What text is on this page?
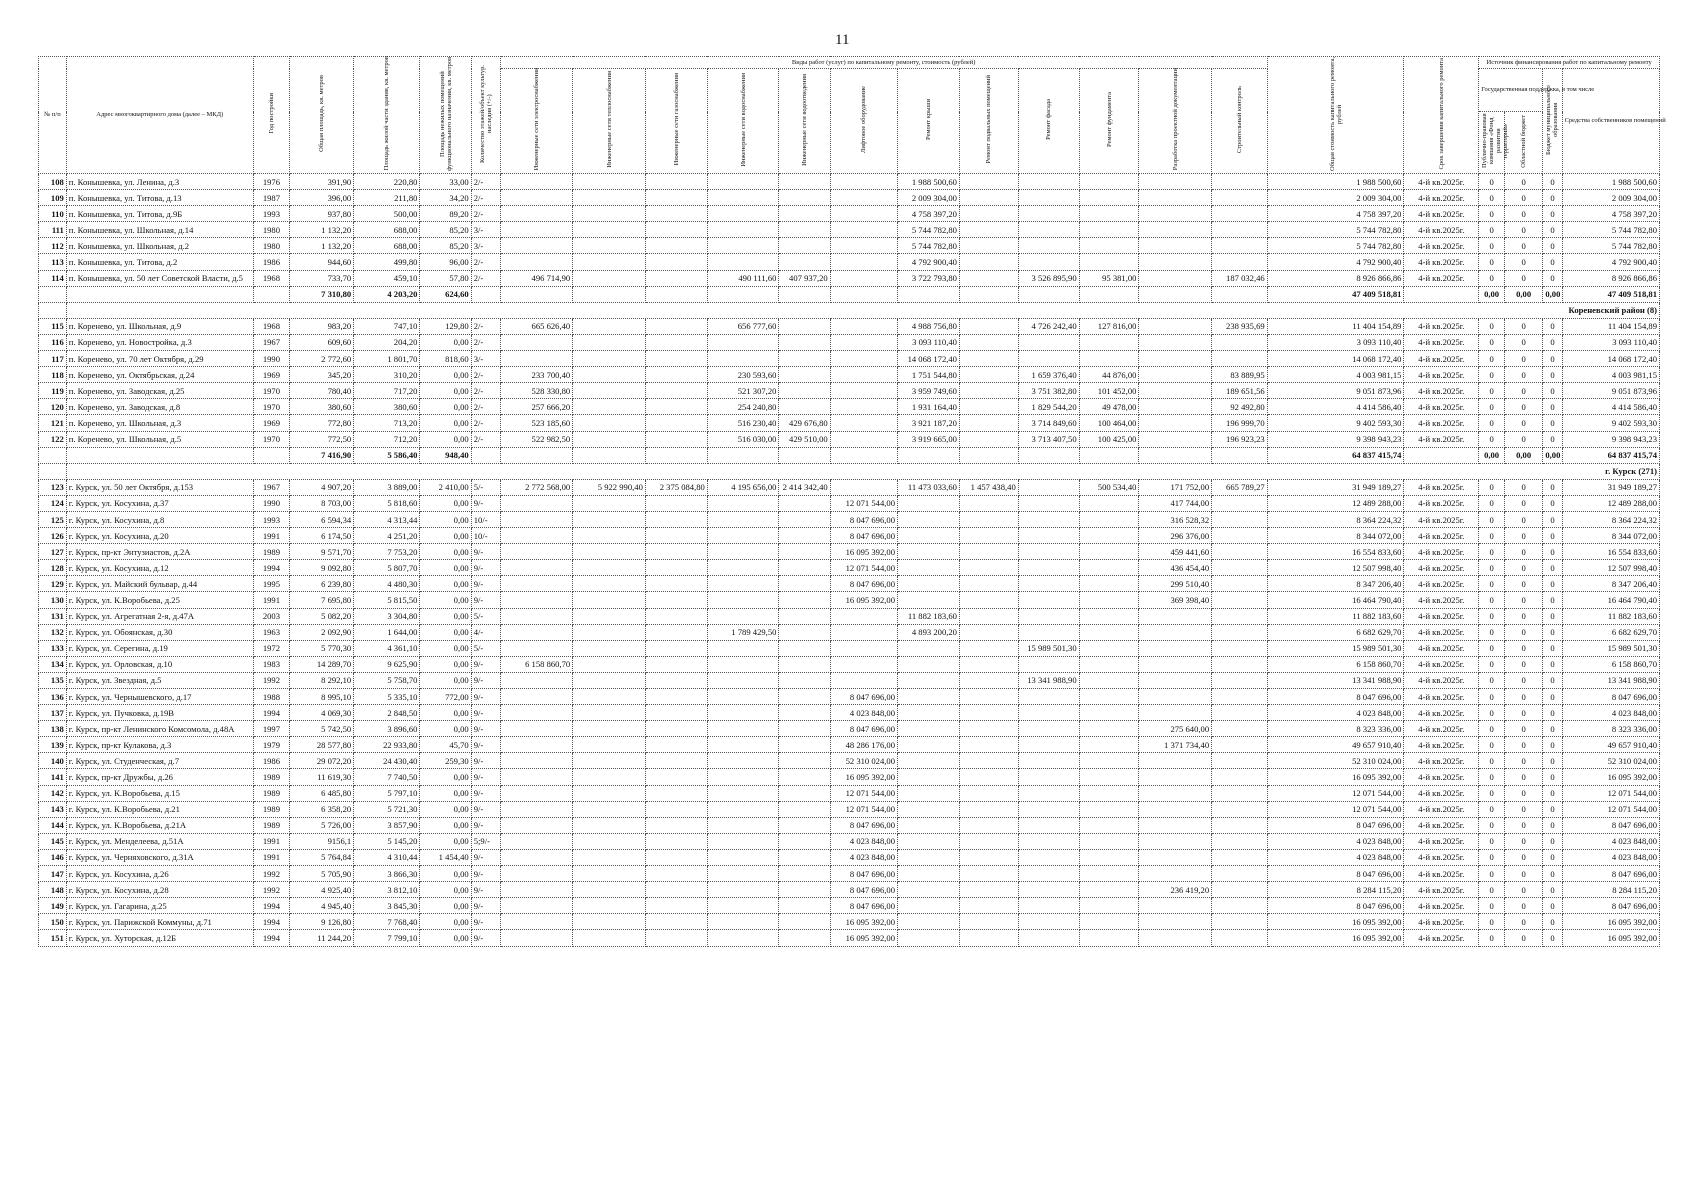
11
№ п/п	Адрес многоквартирного дома (далее – МКД)	Год постройки	Общая площадь, кв. метров	Площадь жилой части здания, кв. метров	Площадь нежилых помещений функционального назначения, кв. метров	Количество этажей/объект культур. наследия (+/-)	Виды работ (услуг) по капитальному ремонту, стоимость (рублей)												Общая стоимость капитального ремонта, рублей	Срок завершения капитального ремонта	Источник финансирования работ по капитальному ремонту			
							Инженерные сети электроснабжения	Инженерные сети теплоснабжения	Инженерные сети газоснабжения	Инженерные сети водоснабжения	Инженерные сети водоотведения	Лифтовое оборудование	Ремонт крыши	Ремонт подвальных помещений	Ремонт фасада	Ремонт фундамента	Разработка проектной документации	Строительный контроль			Государственная поддержка, в том числе		Бюджет муниципального образования	Средства собственников помещений
																					Публично-правовая компания «Фонд развития территорий»	Областной бюджет		
108	п. Конышевка, ул. Ленина, д.3	1976	391,90	220,80	33,00	2/-							1 988 500,60						1 988 500,60	4-й кв.2025г.	0	0	0	1 988 500,60
109	п. Конышевка, ул. Титова, д.13	1987	396,00	211,80	34,20	2/-							2 009 304,00						2 009 304,00	4-й кв.2025г.	0	0	0	2 009 304,00
110	п. Конышевка, ул. Титова, д.9Б	1993	937,80	500,00	89,20	2/-							4 758 397,20						4 758 397,20	4-й кв.2025г.	0	0	0	4 758 397,20
111	п. Конышевка, ул. Школьная, д.14	1980	1 132,20	688,00	85,20	3/-							5 744 782,80						5 744 782,80	4-й кв.2025г.	0	0	0	5 744 782,80
112	п. Конышевка, ул. Школьная, д.2	1980	1 132,20	688,00	85,20	3/-							5 744 782,80						5 744 782,80	4-й кв.2025г.	0	0	0	5 744 782,80
113	п. Конышевка, ул. Титова, д.2	1986	944,60	499,80	96,00	2/-							4 792 900,40						4 792 900,40	4-й кв.2025г.	0	0	0	4 792 900,40
114	п. Конышевка, ул. 50 лет Советской Власти, д.5	1968	733,70	459,10	57,80	2/-	496 714,90			490 111,60	407 937,20		3 722 793,80		3 526 895,90	95 381,00		187 032,46	8 926 866,86	4-й кв.2025г.	0	0	0	8 926 866,86
			7 310,80	4 203,20	624,60														47 409 518,81		0,00	0,00	0,00	47 409 518,81
	Кореневский район (8)																							
115	п. Коренево, ул. Школьная, д.9	1968	983,20	747,10	129,80	2/-	665 626,40			656 777,60			4 988 756,80		4 726 242,40	127 816,00		238 935,69	11 404 154,89	4-й кв.2025г.	0	0	0	11 404 154,89
116	п. Коренево, ул. Новостройка, д.3	1967	609,60	204,20	0,00	2/-							3 093 110,40						3 093 110,40	4-й кв.2025г.	0	0	0	3 093 110,40
117	п. Коренево, ул. 70 лет Октября, д.29	1990	2 772,60	1 801,70	818,60	3/-							14 068 172,40						14 068 172,40	4-й кв.2025г.	0	0	0	14 068 172,40
118	п. Коренево, ул. Октябрьская, д.24	1969	345,20	310,20	0,00	2/-	233 700,40			230 593,60			1 751 544,80		1 659 376,40	44 876,00		83 889,95	4 003 981,15	4-й кв.2025г.	0	0	0	4 003 981,15
119	п. Коренево, ул. Заводская, д.25	1970	780,40	717,20	0,00	2/-	528 330,80			521 307,20			3 959 749,60		3 751 382,80	101 452,00		189 651,56	9 051 873,96	4-й кв.2025г.	0	0	0	9 051 873,96
120	п. Коренево, ул. Заводская, д.8	1970	380,60	380,60	0,00	2/-	257 666,20			254 240,80			1 931 164,40		1 829 544,20	49 478,00		92 492,80	4 414 586,40	4-й кв.2025г.	0	0	0	4 414 586,40
121	п. Коренево, ул. Школьная, д.3	1969	772,80	713,20	0,00	2/-	523 185,60			516 230,40	429 676,80		3 921 187,20		3 714 849,60	100 464,00		196 999,70	9 402 593,30	4-й кв.2025г.	0	0	0	9 402 593,30
122	п. Коренево, ул. Школьная, д.5	1970	772,50	712,20	0,00	2/-	522 982,50			516 030,00	429 510,00		3 919 665,00		3 713 407,50	100 425,00		196 923,23	9 398 943,23	4-й кв.2025г.	0	0	0	9 398 943,23
			7 416,90	5 586,40	948,40														64 837 415,74		0,00	0,00	0,00	64 837 415,74
	г. Курск (271)																							
123	г. Курск, ул. 50 лет Октября, д.153	1967	4 907,20	3 889,00	2 410,00	5/-	2 772 568,00	5 922 990,40	2 375 084,80	4 195 656,00	2 414 342,40		11 473 033,60	1 457 438,40		500 534,40	171 752,00	665 789,27	31 949 189,27	4-й кв.2025г.	0	0	0	31 949 189,27
124	г. Курск, ул. Косухина, д.37	1990	8 703,00	5 818,60	0,00	9/-						12 071 544,00					417 744,00		12 489 288,00	4-й кв.2025г.	0	0	0	12 489 288,00
125	г. Курск, ул. Косухина, д.8	1993	6 594,34	4 313,44	0,00	10/-						8 047 696,00					316 528,32		8 364 224,32	4-й кв.2025г.	0	0	0	8 364 224,32
126	г. Курск, ул. Косухина, д.20	1991	6 174,50	4 251,20	0,00	10/-						8 047 696,00					296 376,00		8 344 072,00	4-й кв.2025г.	0	0	0	8 344 072,00
127	г. Курск, пр-кт Энтузиастов, д.2А	1989	9 571,70	7 753,20	0,00	9/-						16 095 392,00					459 441,60		16 554 833,60	4-й кв.2025г.	0	0	0	16 554 833,60
128	г. Курск, ул. Косухина, д.12	1994	9 092,80	5 807,70	0,00	9/-						12 071 544,00					436 454,40		12 507 998,40	4-й кв.2025г.	0	0	0	12 507 998,40
129	г. Курск, ул. Майский бульвар, д.44	1995	6 239,80	4 480,30	0,00	9/-						8 047 696,00					299 510,40		8 347 206,40	4-й кв.2025г.	0	0	0	8 347 206,40
130	г. Курск, ул. К.Воробьева, д.25	1991	7 695,80	5 815,50	0,00	9/-						16 095 392,00					369 398,40		16 464 790,40	4-й кв.2025г.	0	0	0	16 464 790,40
131	г. Курск, ул. Агрегатная 2-я, д.47А	2003	5 082,20	3 304,80	0,00	5/-							11 882 183,60						11 882 183,60	4-й кв.2025г.	0	0	0	11 882 183,60
132	г. Курск, ул. Обоянская, д.30	1963	2 092,90	1 644,00	0,00	4/-				1 789 429,50			4 893 200,20						6 682 629,70	4-й кв.2025г.	0	0	0	6 682 629,70
133	г. Курск, ул. Серегина, д.19	1972	5 770,30	4 361,10	0,00	5/-									15 989 501,30				15 989 501,30	4-й кв.2025г.	0	0	0	15 989 501,30
134	г. Курск, ул. Орловская, д.10	1983	14 289,70	9 625,90	0,00	9/-	6 158 860,70												6 158 860,70	4-й кв.2025г.	0	0	0	6 158 860,70
135	г. Курск, ул. Звездная, д.5	1992	8 292,10	5 758,70	0,00	9/-									13 341 988,90				13 341 988,90	4-й кв.2025г.	0	0	0	13 341 988,90
136	г. Курск, ул. Чернышевского, д.17	1988	8 995,10	5 335,10	772,00	9/-						8 047 696,00							8 047 696,00	4-й кв.2025г.	0	0	0	8 047 696,00
137	г. Курск, ул. Пучковка, д.19В	1994	4 069,30	2 848,50	0,00	9/-						4 023 848,00							4 023 848,00	4-й кв.2025г.	0	0	0	4 023 848,00
138	г. Курск, пр-кт Ленинского Комсомола, д.48А	1997	5 742,50	3 896,60	0,00	9/-						8 047 696,00					275 640,00		8 323 336,00	4-й кв.2025г.	0	0	0	8 323 336,00
139	г. Курск, пр-кт Кулакова, д.3	1979	28 577,80	22 933,80	45,70	9/-						48 286 176,00					1 371 734,40		49 657 910,40	4-й кв.2025г.	0	0	0	49 657 910,40
140	г. Курск, ул. Студенческая, д.7	1986	29 072,20	24 430,40	259,30	9/-						52 310 024,00							52 310 024,00	4-й кв.2025г.	0	0	0	52 310 024,00
141	г. Курск, пр-кт Дружбы, д.26	1989	11 619,30	7 740,50	0,00	9/-						16 095 392,00							16 095 392,00	4-й кв.2025г.	0	0	0	16 095 392,00
142	г. Курск, ул. К.Воробьева, д.15	1989	6 485,80	5 797,10	0,00	9/-						12 071 544,00							12 071 544,00	4-й кв.2025г.	0	0	0	12 071 544,00
143	г. Курск, ул. К.Воробьева, д.21	1989	6 358,20	5 721,30	0,00	9/-						12 071 544,00							12 071 544,00	4-й кв.2025г.	0	0	0	12 071 544,00
144	г. Курск, ул. К.Воробьева, д.21А	1989	5 726,00	3 857,90	0,00	9/-						8 047 696,00							8 047 696,00	4-й кв.2025г.	0	0	0	8 047 696,00
145	г. Курск, ул. Менделеева, д.51А	1991	9156,1	5 145,20	0,00	5;9/-						4 023 848,00							4 023 848,00	4-й кв.2025г.	0	0	0	4 023 848,00
146	г. Курск, ул. Черняховского, д.31А	1991	5 764,84	4 310,44	1 454,40	9/-						4 023 848,00							4 023 848,00	4-й кв.2025г.	0	0	0	4 023 848,00
147	г. Курск, ул. Косухина, д.26	1992	5 705,90	3 866,30	0,00	9/-						8 047 696,00							8 047 696,00	4-й кв.2025г.	0	0	0	8 047 696,00
148	г. Курск, ул. Косухина, д.28	1992	4 925,40	3 812,10	0,00	9/-						8 047 696,00					236 419,20		8 284 115,20	4-й кв.2025г.	0	0	0	8 284 115,20
149	г. Курск, ул. Гагарина, д.25	1994	4 945,40	3 845,30	0,00	9/-						8 047 696,00							8 047 696,00	4-й кв.2025г.	0	0	0	8 047 696,00
150	г. Курск, ул. Парижской Коммуны, д.71	1994	9 126,80	7 768,40	0,00	9/-						16 095 392,00							16 095 392,00	4-й кв.2025г.	0	0	0	16 095 392,00
151	г. Курск, ул. Хуторская, д.12Б	1994	11 244,20	7 799,10	0,00	9/-						16 095 392,00							16 095 392,00	4-й кв.2025г.	0	0	0	16 095 392,00
